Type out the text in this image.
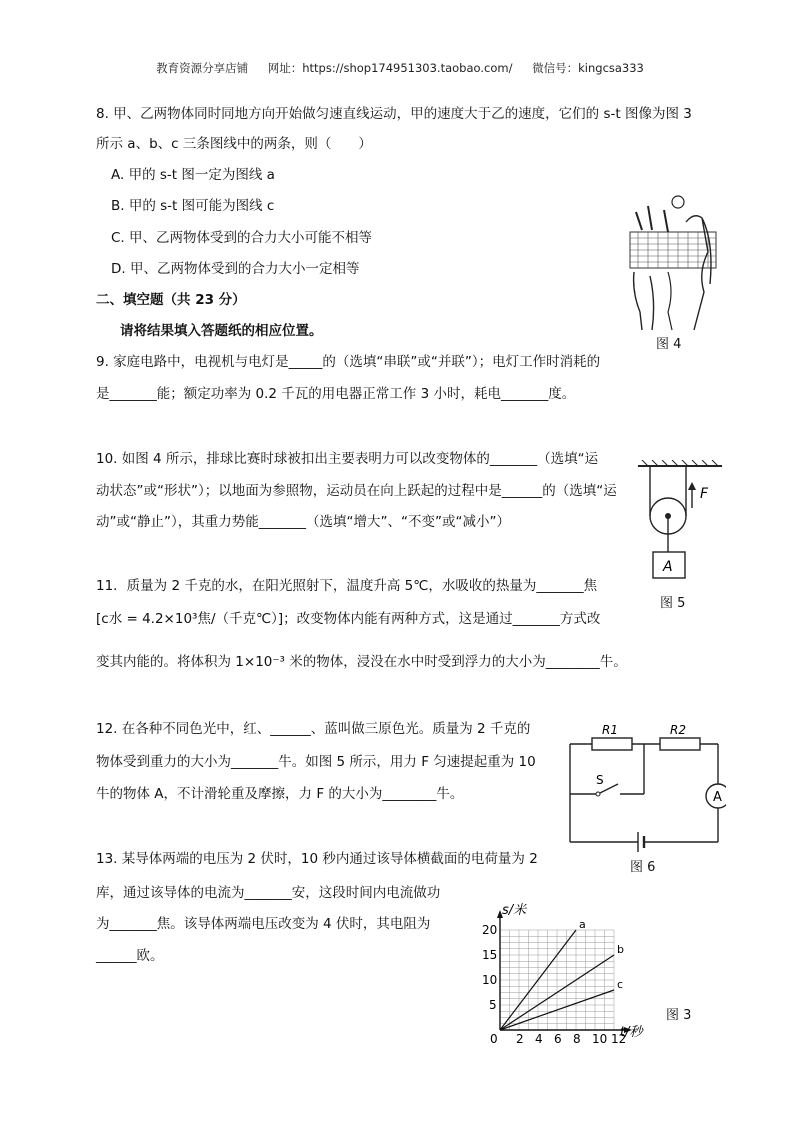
教育资源分享店铺 网址：https://shop174951303.taobao.com/ 微信号：kingcsa333
8. 甲、乙两物体同时同地方向开始做匀速直线运动，甲的速度大于乙的速度，它们的 s-t 图像为图 3
所示 a、b、c 三条图线中的两条，则（　　）
A. 甲的 s-t 图一定为图线 a
B. 甲的 s-t 图可能为图线 c
C. 甲、乙两物体受到的合力大小可能不相等
D. 甲、乙两物体受到的合力大小一定相等
二、填空题（共 23 分）
请将结果填入答题纸的相应位置。
9. 家庭电路中，电视机与电灯是_____的（选填“串联”或“并联”）；电灯工作时消耗的
是_______能；额定功率为 0.2 千瓦的用电器正常工作 3 小时，耗电_______度。
10. 如图 4 所示，排球比赛时球被扣出主要表明力可以改变物体的_______（选填“运
动状态”或“形状”）；以地面为参照物，运动员在向上跃起的过程中是______的（选填“运
动”或“静止”），其重力势能_______（选填“增大”、“不变”或“减小”）
11．质量为 2 千克的水，在阳光照射下，温度升高 5℃，水吸收的热量为_______焦
[c水 = 4.2×10³焦/（千克℃）]；改变物体内能有两种方式，这是通过_______方式改
变其内能的。将体积为 1×10⁻³ 米的物体，浸没在水中时受到浮力的大小为________牛。
12. 在各种不同色光中，红、______、蓝叫做三原色光。质量为 2 千克的
物体受到重力的大小为_______牛。如图 5 所示，用力 F 匀速提起重为 10
牛的物体 A，不计滑轮重及摩擦，力 F 的大小为________牛。
13. 某导体两端的电压为 2 伏时，10 秒内通过该导体横截面的电荷量为 2
库，通过该导体的电流为_______安，这段时间内电流做功
为_______焦。该导体两端电压改变为 4 伏时，其电阻为
______欧。
图 4
F
A
图 5
R1	R2
S
A
图 6
a
b
c
0 2 4 6 8 10 12
5
10
15
20
s/米
t/秒
图 3
